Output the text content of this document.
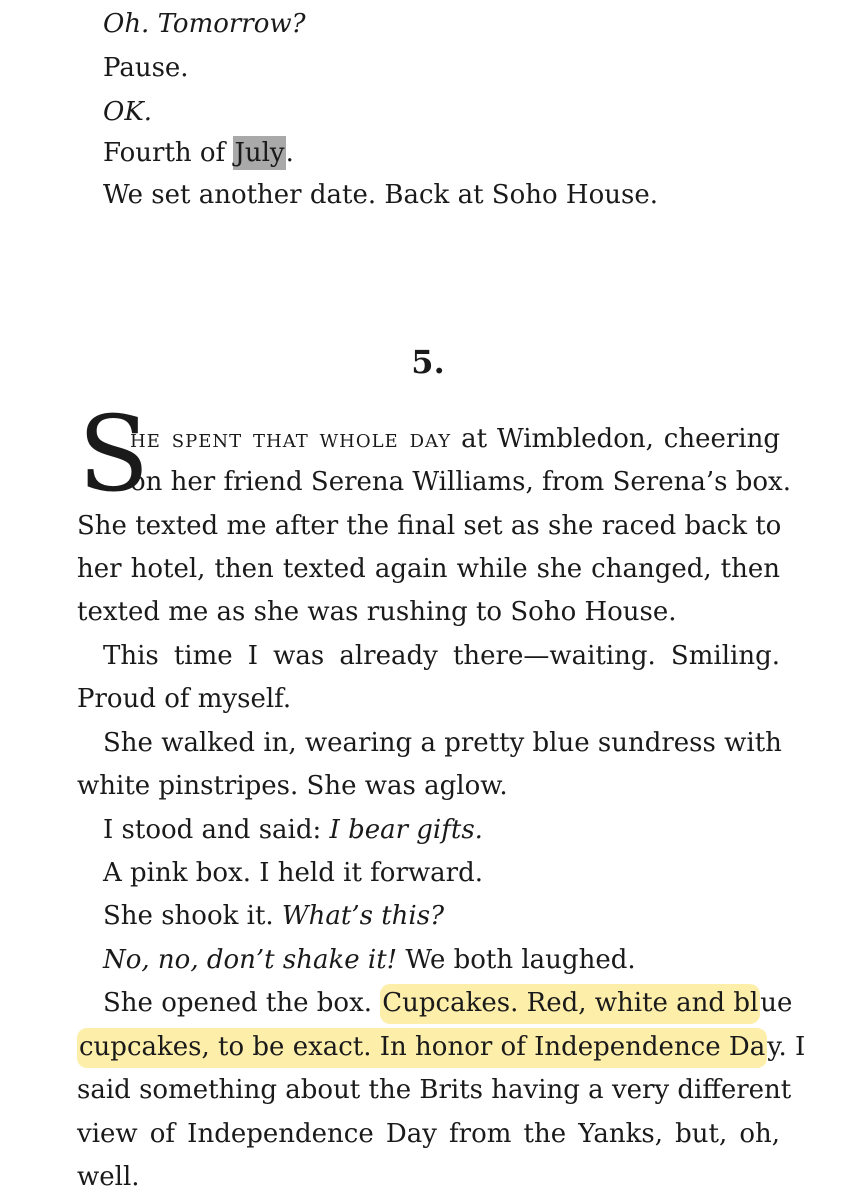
Oh. Tomorrow?
Pause.
OK.
Fourth of July.
We set another date. Back at Soho House.
5.
S
he spent that whole day at Wimbledon, cheering
on her friend Serena Williams, from Serena’s box.
She texted me after the final set as she raced back to
her hotel, then texted again while she changed, then
texted me as she was rushing to Soho House.
This time I was already there—waiting. Smiling.
Proud of myself.
She walked in, wearing a pretty blue sundress with
white pinstripes. She was aglow.
I stood and said: I bear gifts.
A pink box. I held it forward.
She shook it. What’s this?
No, no, don’t shake it! We both laughed.
She opened the box. Cupcakes. Red, white and blue
cupcakes, to be exact. In honor of Independence Day. I
said something about the Brits having a very different
view of Independence Day from the Yanks, but, oh,
well.
